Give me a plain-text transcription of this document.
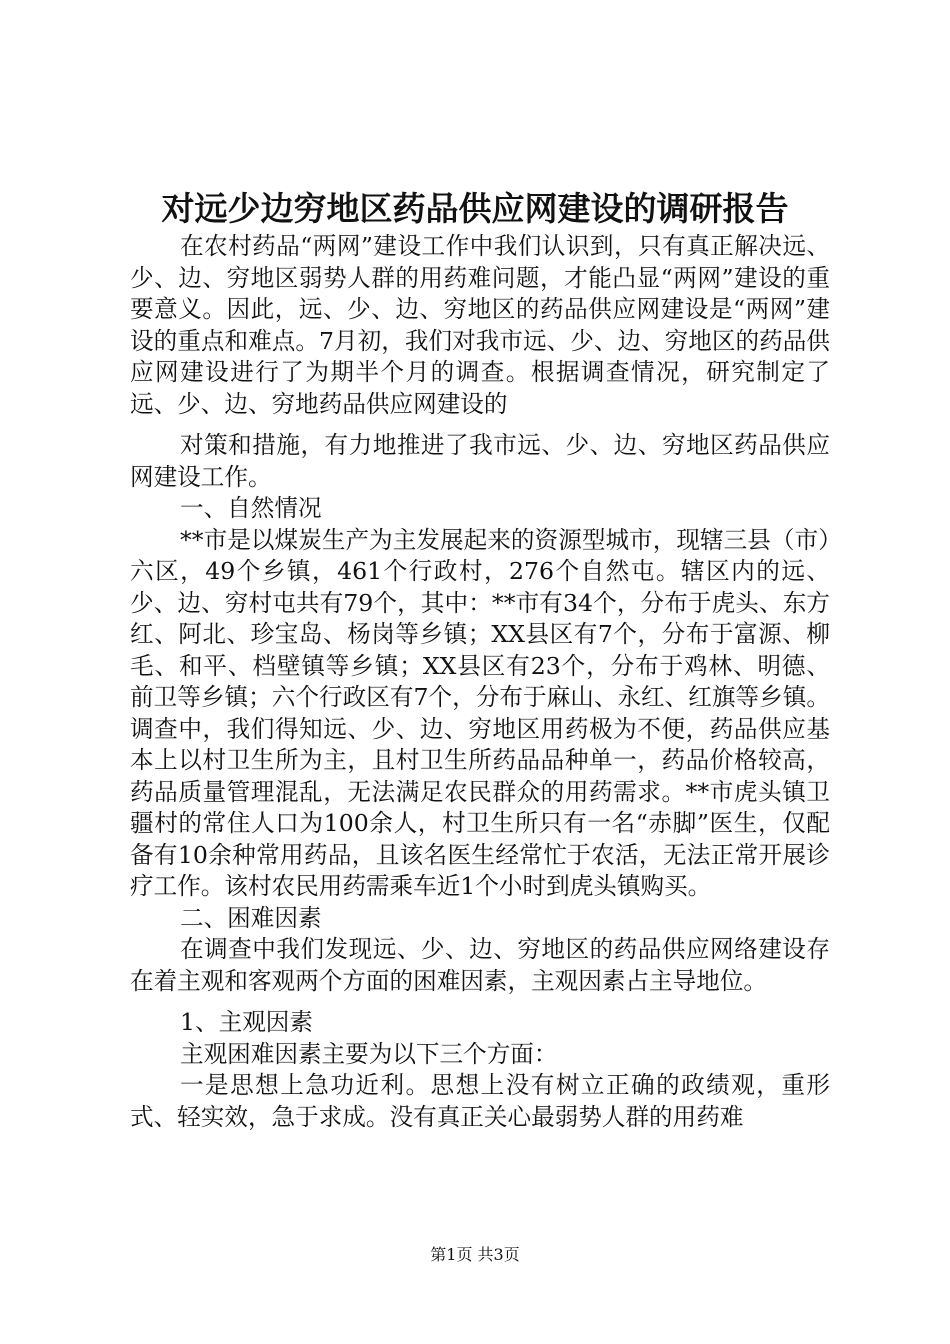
对远少边穷地区药品供应网建设的调研报告

在农村药品“两网”建设工作中我们认识到，只有真正解决远、少、边、穷地区弱势人群的用药难问题，才能凸显“两网”建设的重要意义。因此，远、少、边、穷地区的药品供应网建设是“两网”建设的重点和难点。7月初，我们对我市远、少、边、穷地区的药品供应网建设进行了为期半个月的调查。根据调查情况，研究制定了远、少、边、穷地药品供应网建设的

对策和措施，有力地推进了我市远、少、边、穷地区药品供应网建设工作。

一、自然情况

**市是以煤炭生产为主发展起来的资源型城市，现辖三县（市）六区，49个乡镇，461个行政村，276个自然屯。辖区内的远、少、边、穷村屯共有79个，其中：**市有34个，分布于虎头、东方红、阿北、珍宝岛、杨岗等乡镇；XX县区有7个，分布于富源、柳毛、和平、档壁镇等乡镇；XX县区有23个，分布于鸡林、明德、前卫等乡镇；六个行政区有7个，分布于麻山、永红、红旗等乡镇。调查中，我们得知远、少、边、穷地区用药极为不便，药品供应基本上以村卫生所为主，且村卫生所药品品种单一，药品价格较高，药品质量管理混乱，无法满足农民群众的用药需求。**市虎头镇卫疆村的常住人口为100余人，村卫生所只有一名“赤脚”医生，仅配备有10余种常用药品，且该名医生经常忙于农活，无法正常开展诊疗工作。该村农民用药需乘车近1个小时到虎头镇购买。

二、困难因素

在调查中我们发现远、少、边、穷地区的药品供应网络建设存在着主观和客观两个方面的困难因素，主观因素占主导地位。

1、主观因素

主观困难因素主要为以下三个方面：

一是思想上急功近利。思想上没有树立正确的政绩观，重形式、轻实效，急于求成。没有真正关心最弱势人群的用药难

第1页 共3页
